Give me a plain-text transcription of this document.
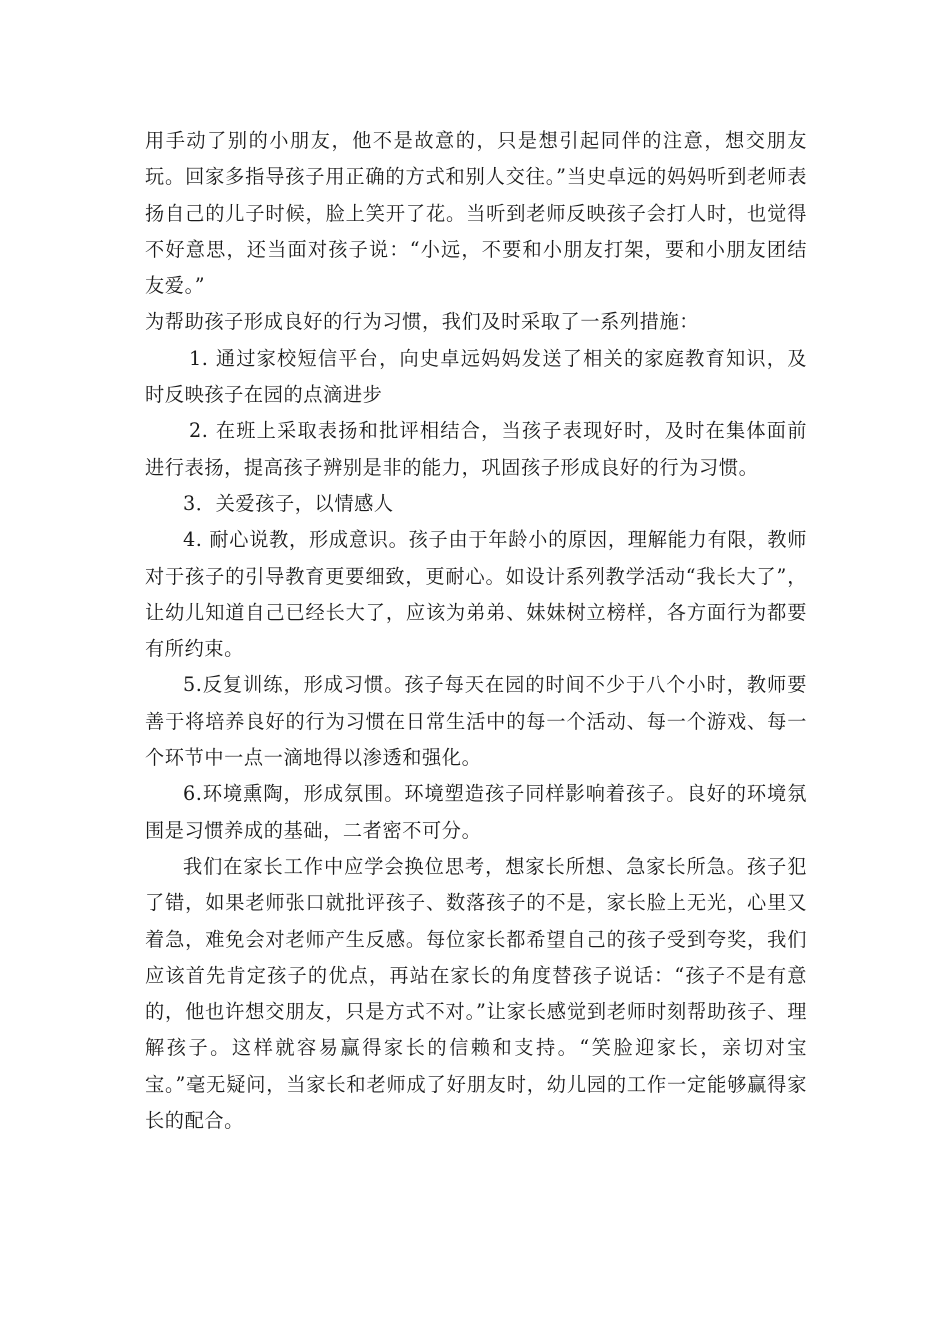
用手动了别的小朋友，他不是故意的，只是想引起同伴的注意，想交朋友玩。回家多指导孩子用正确的方式和别人交往。”当史卓远的妈妈听到老师表扬自己的儿子时候，脸上笑开了花。当听到老师反映孩子会打人时，也觉得不好意思，还当面对孩子说：“小远，不要和小朋友打架，要和小朋友团结友爱。”

为帮助孩子形成良好的行为习惯，我们及时采取了一系列措施：

1. 通过家校短信平台，向史卓远妈妈发送了相关的家庭教育知识，及时反映孩子在园的点滴进步

2. 在班上采取表扬和批评相结合，当孩子表现好时，及时在集体面前进行表扬，提高孩子辨别是非的能力，巩固孩子形成良好的行为习惯。

3．关爱孩子，以情感人

4. 耐心说教，形成意识。孩子由于年龄小的原因，理解能力有限，教师对于孩子的引导教育更要细致，更耐心。如设计系列教学活动“我长大了”，让幼儿知道自己已经长大了，应该为弟弟、妹妹树立榜样，各方面行为都要有所约束。

5.反复训练，形成习惯。孩子每天在园的时间不少于八个小时，教师要善于将培养良好的行为习惯在日常生活中的每一个活动、每一个游戏、每一个环节中一点一滴地得以渗透和强化。

6.环境熏陶，形成氛围。环境塑造孩子同样影响着孩子。良好的环境氛围是习惯养成的基础，二者密不可分。

我们在家长工作中应学会换位思考，想家长所想、急家长所急。孩子犯了错，如果老师张口就批评孩子、数落孩子的不是，家长脸上无光，心里又着急，难免会对老师产生反感。每位家长都希望自己的孩子受到夸奖，我们应该首先肯定孩子的优点，再站在家长的角度替孩子说话：“孩子不是有意的，他也许想交朋友，只是方式不对。”让家长感觉到老师时刻帮助孩子、理解孩子。这样就容易赢得家长的信赖和支持。“笑脸迎家长，亲切对宝宝。”毫无疑问，当家长和老师成了好朋友时，幼儿园的工作一定能够赢得家长的配合。
